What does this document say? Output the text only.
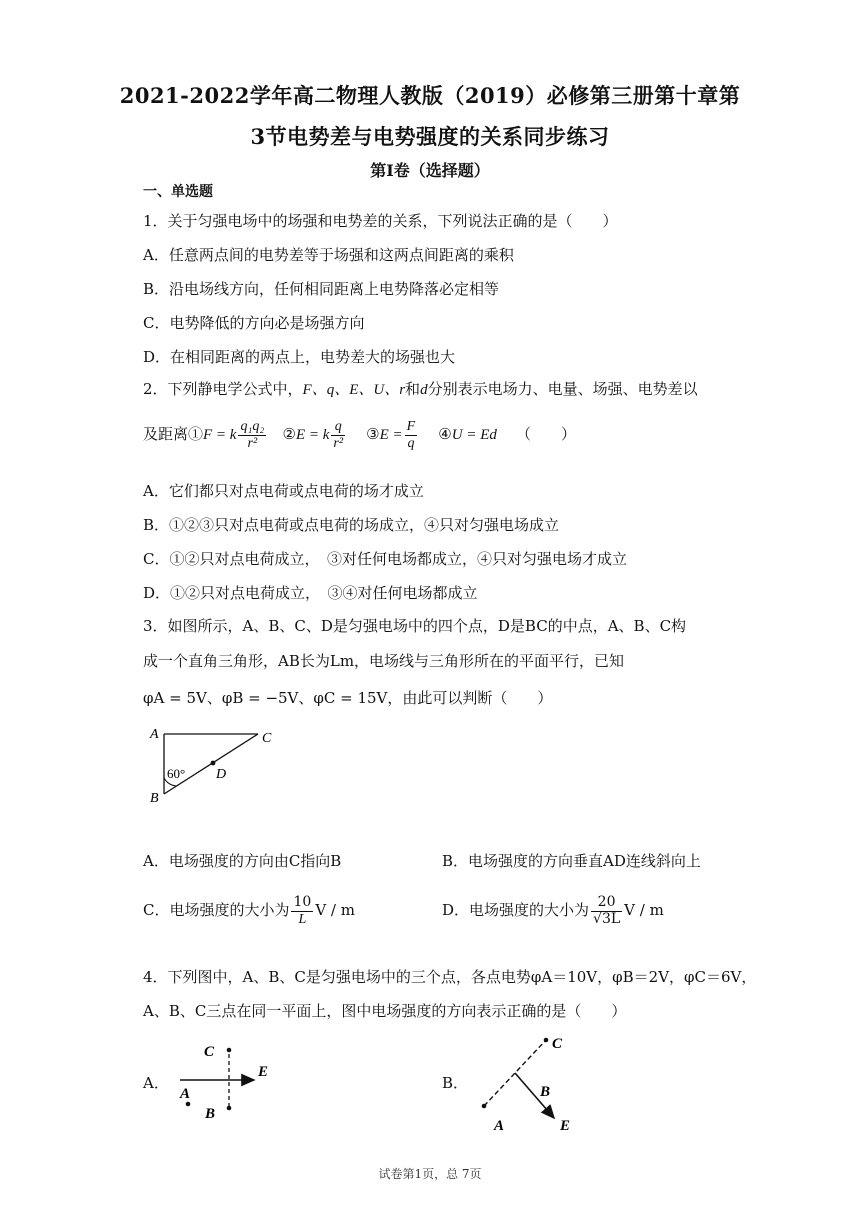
2021-2022学年高二物理人教版（2019）必修第三册第十章第
3节电势差与电势强度的关系同步练习
第Ⅰ卷（选择题）
一、单选题
1．关于匀强电场中的场强和电势差的关系，下列说法正确的是（　　）
A．任意两点间的电势差等于场强和这两点间距离的乘积
B．沿电场线方向，任何相同距离上电势降落必定相等
C．电势降低的方向必是场强方向
D．在相同距离的两点上，电势差大的场强也大
2．下列静电学公式中，F、q、E、U、r和d分别表示电场力、电量、场强、电势差以
及距离①F = k $\frac{\text{q₁q₂}}{\text{r²}}$ ②E = k $\frac{q}{\text{r²}}$ ③E = $\frac{F}{q}$ ④U = Ed （　　）
A．它们都只对点电荷或点电荷的场才成立
B．①②③只对点电荷或点电荷的场成立，④只对匀强电场成立
C．①②只对点电荷成立，　③对任何电场都成立，④只对匀强电场才成立
D．①②只对点电荷成立，　③④对任何电场都成立
3．如图所示，A、B、C、D是匀强电场中的四个点，D是BC的中点，A、B、C构
成一个直角三角形，AB长为Lm，电场线与三角形所在的平面平行，已知
φA = 5V、φB = −5V、φC = 15V，由此可以判断（　　）
A
B
C
D
60°
A．电场强度的方向由C指向B	B．电场强度的方向垂直AD连线斜向上
C．电场强度的大小为 $\frac{10}{L}$ V / m	D．电场强度的大小为 $\frac{20}{√3L}$ V / m
4．下列图中，A、B、C是匀强电场中的三个点，各点电势φA＝10V，φB＝2V，φC＝6V，
A、B、C三点在同一平面上，图中电场强度的方向表示正确的是（　　）
A．
C
E
A
B
B．
C
B
A	E
试卷第1页，总 7页
